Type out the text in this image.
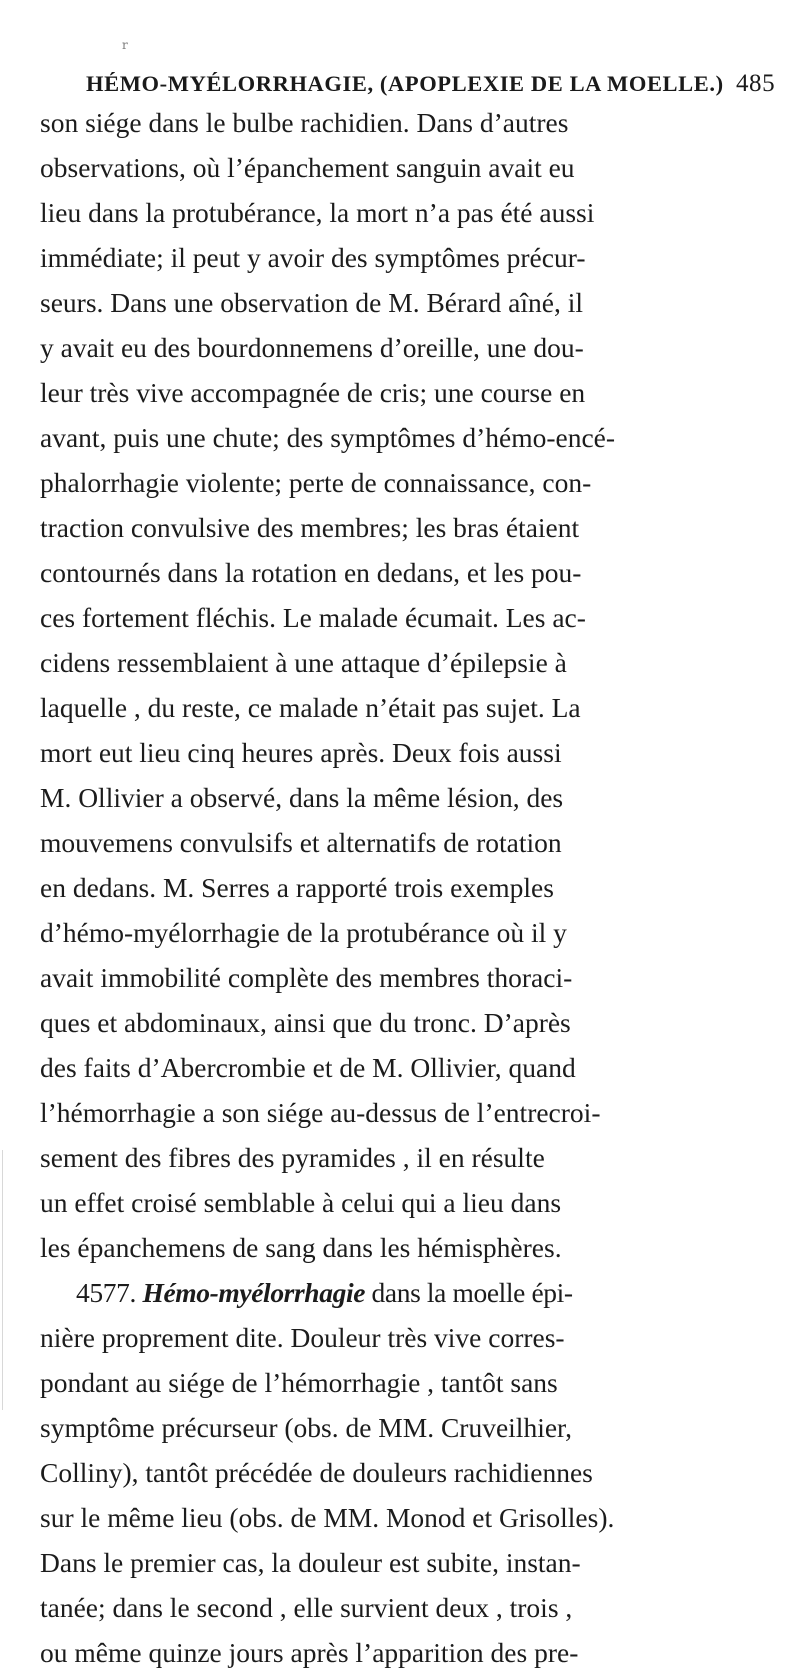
r
HÉMO-MYÉLORRHAGIE, (APOPLEXIE DE LA MOELLE.) 485
son siége dans le bulbe rachidien. Dans d’autres
observations, où l’épanchement sanguin avait eu
lieu dans la protubérance, la mort n’a pas été aussi
immédiate; il peut y avoir des symptômes précur-
seurs. Dans une observation de M. Bérard aîné, il
y avait eu des bourdonnemens d’oreille, une dou-
leur très vive accompagnée de cris; une course en
avant, puis une chute; des symptômes d’hémo-encé-
phalorrhagie violente; perte de connaissance, con-
traction convulsive des membres; les bras étaient
contournés dans la rotation en dedans, et les pou-
ces fortement fléchis. Le malade écumait. Les ac-
cidens ressemblaient à une attaque d’épilepsie à
laquelle , du reste, ce malade n’était pas sujet. La
mort eut lieu cinq heures après. Deux fois aussi
M. Ollivier a observé, dans la même lésion, des
mouvemens convulsifs et alternatifs de rotation
en dedans. M. Serres a rapporté trois exemples
d’hémo-myélorrhagie de la protubérance où il y
avait immobilité complète des membres thoraci-
ques et abdominaux, ainsi que du tronc. D’après
des faits d’Abercrombie et de M. Ollivier, quand
l’hémorrhagie a son siége au-dessus de l’entrecroi-
sement des fibres des pyramides , il en résulte
un effet croisé semblable à celui qui a lieu dans
les épanchemens de sang dans les hémisphères.
4577. Hémo-myélorrhagie dans la moelle épi-
nière proprement dite. Douleur très vive corres-
pondant au siége de l’hémorrhagie , tantôt sans
symptôme précurseur (obs. de MM. Cruveilhier,
Colliny), tantôt précédée de douleurs rachidiennes
sur le même lieu (obs. de MM. Monod et Grisolles).
Dans le premier cas, la douleur est subite, instan-
tanée; dans le second , elle survient deux , trois ,
ou même quinze jours après l’apparition des pre-
